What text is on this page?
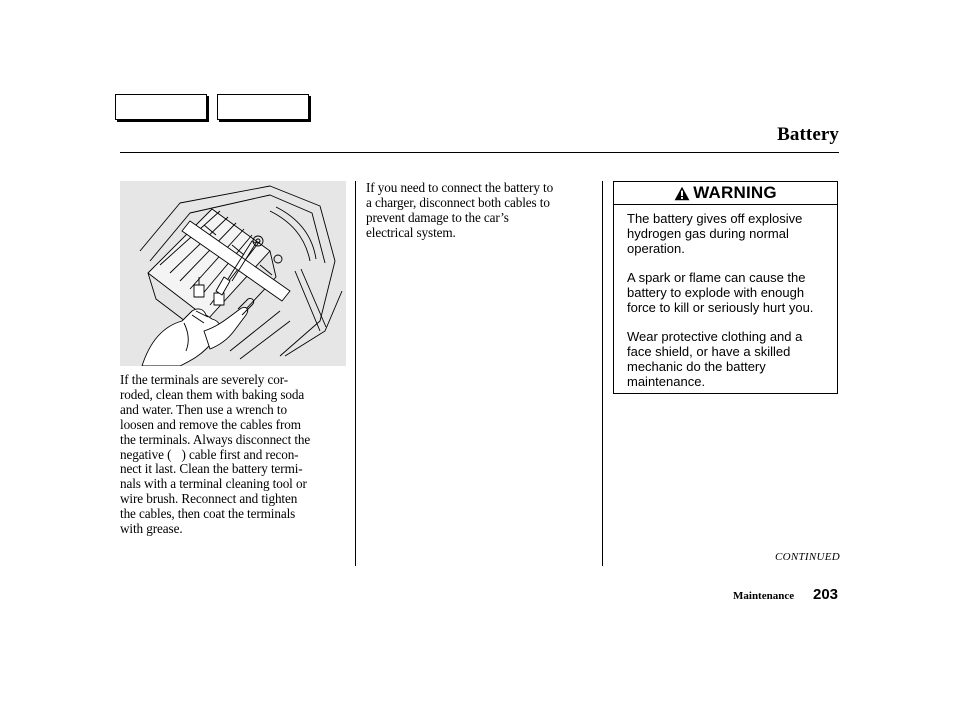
Battery

If the terminals are severely cor-
roded, clean them with baking soda
and water. Then use a wrench to
loosen and remove the cables from
the terminals. Always disconnect the
negative (    ) cable first and recon-
nect it last. Clean the battery termi-
nals with a terminal cleaning tool or
wire brush. Reconnect and tighten
the cables, then coat the terminals
with grease.

If you need to connect the battery to
a charger, disconnect both cables to
prevent damage to the car’s
electrical system.

WARNING

The battery gives off explosive
hydrogen gas during normal
operation.

A spark or flame can cause the
battery to explode with enough
force to kill or seriously hurt you.

Wear protective clothing and a
face shield, or have a skilled
mechanic do the battery
maintenance.

CONTINUED
Maintenance 203
